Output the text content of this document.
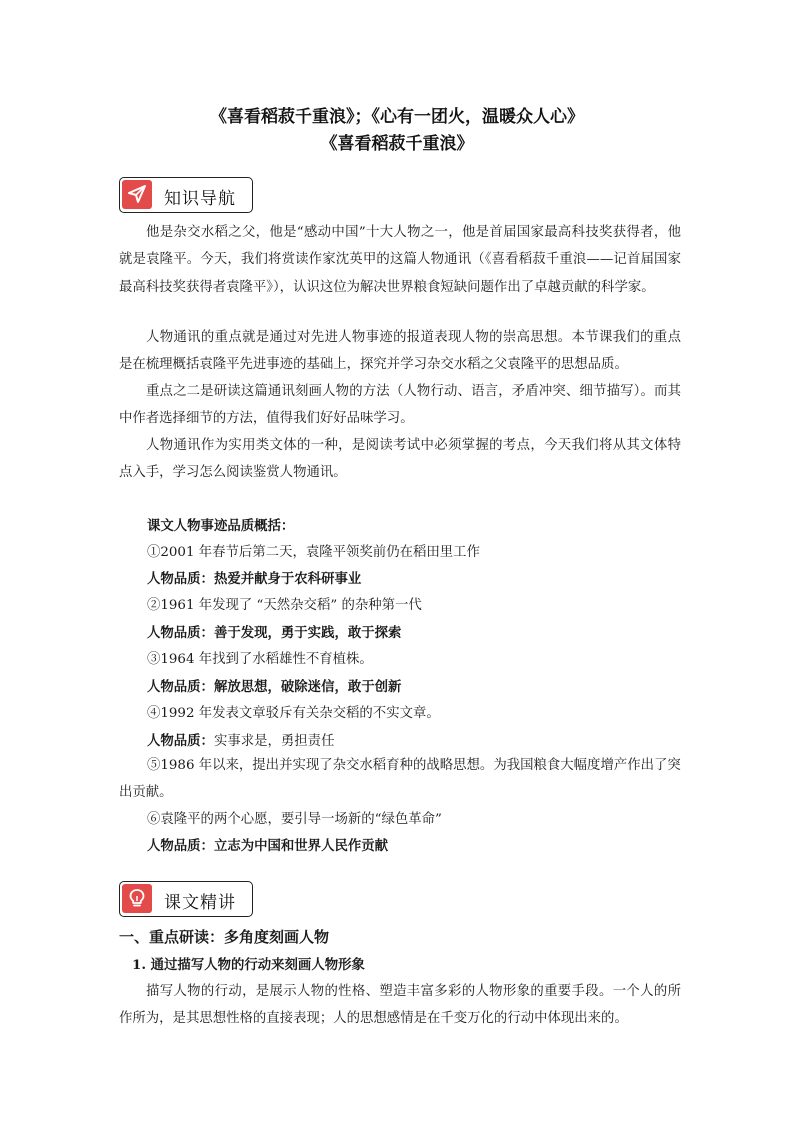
《喜看稻菽千重浪》；《心有一团火，温暖众人心》
《喜看稻菽千重浪》
知识导航

他是杂交水稻之父，他是“感动中国”十大人物之一，他是首届国家最高科技奖获得者，他就是袁隆平。今天，我们将赏读作家沈英甲的这篇人物通讯（《喜看稻菽千重浪——记首届国家最高科技奖获得者袁隆平》），认识这位为解决世界粮食短缺问题作出了卓越贡献的科学家。

人物通讯的重点就是通过对先进人物事迹的报道表现人物的崇高思想。本节课我们的重点是在梳理概括袁隆平先进事迹的基础上，探究并学习杂交水稻之父袁隆平的思想品质。

重点之二是研读这篇通讯刻画人物的方法（人物行动、语言，矛盾冲突、细节描写）。而其中作者选择细节的方法，值得我们好好品味学习。

人物通讯作为实用类文体的一种，是阅读考试中必须掌握的考点，今天我们将从其文体特点入手，学习怎么阅读鉴赏人物通讯。

课文人物事迹品质概括：
①2001 年春节后第二天，袁隆平领奖前仍在稻田里工作
人物品质：热爱并献身于农科研事业
②1961 年发现了 “天然杂交稻” 的杂种第一代
人物品质：善于发现，勇于实践，敢于探索
③1964 年找到了水稻雄性不育植株。
人物品质：解放思想，破除迷信，敢于创新
④1992 年发表文章驳斥有关杂交稻的不实文章。
人物品质：实事求是，勇担责任
⑤1986 年以来，提出并实现了杂交水稻育种的战略思想。为我国粮食大幅度增产作出了突出贡献。
⑥袁隆平的两个心愿，要引导一场新的“绿色革命”
人物品质：立志为中国和世界人民作贡献
课文精讲
一、重点研读：多角度刻画人物
1. 通过描写人物的行动来刻画人物形象

描写人物的行动，是展示人物的性格、塑造丰富多彩的人物形象的重要手段。一个人的所作所为，是其思想性格的直接表现；人的思想感情是在千变万化的行动中体现出来的。
